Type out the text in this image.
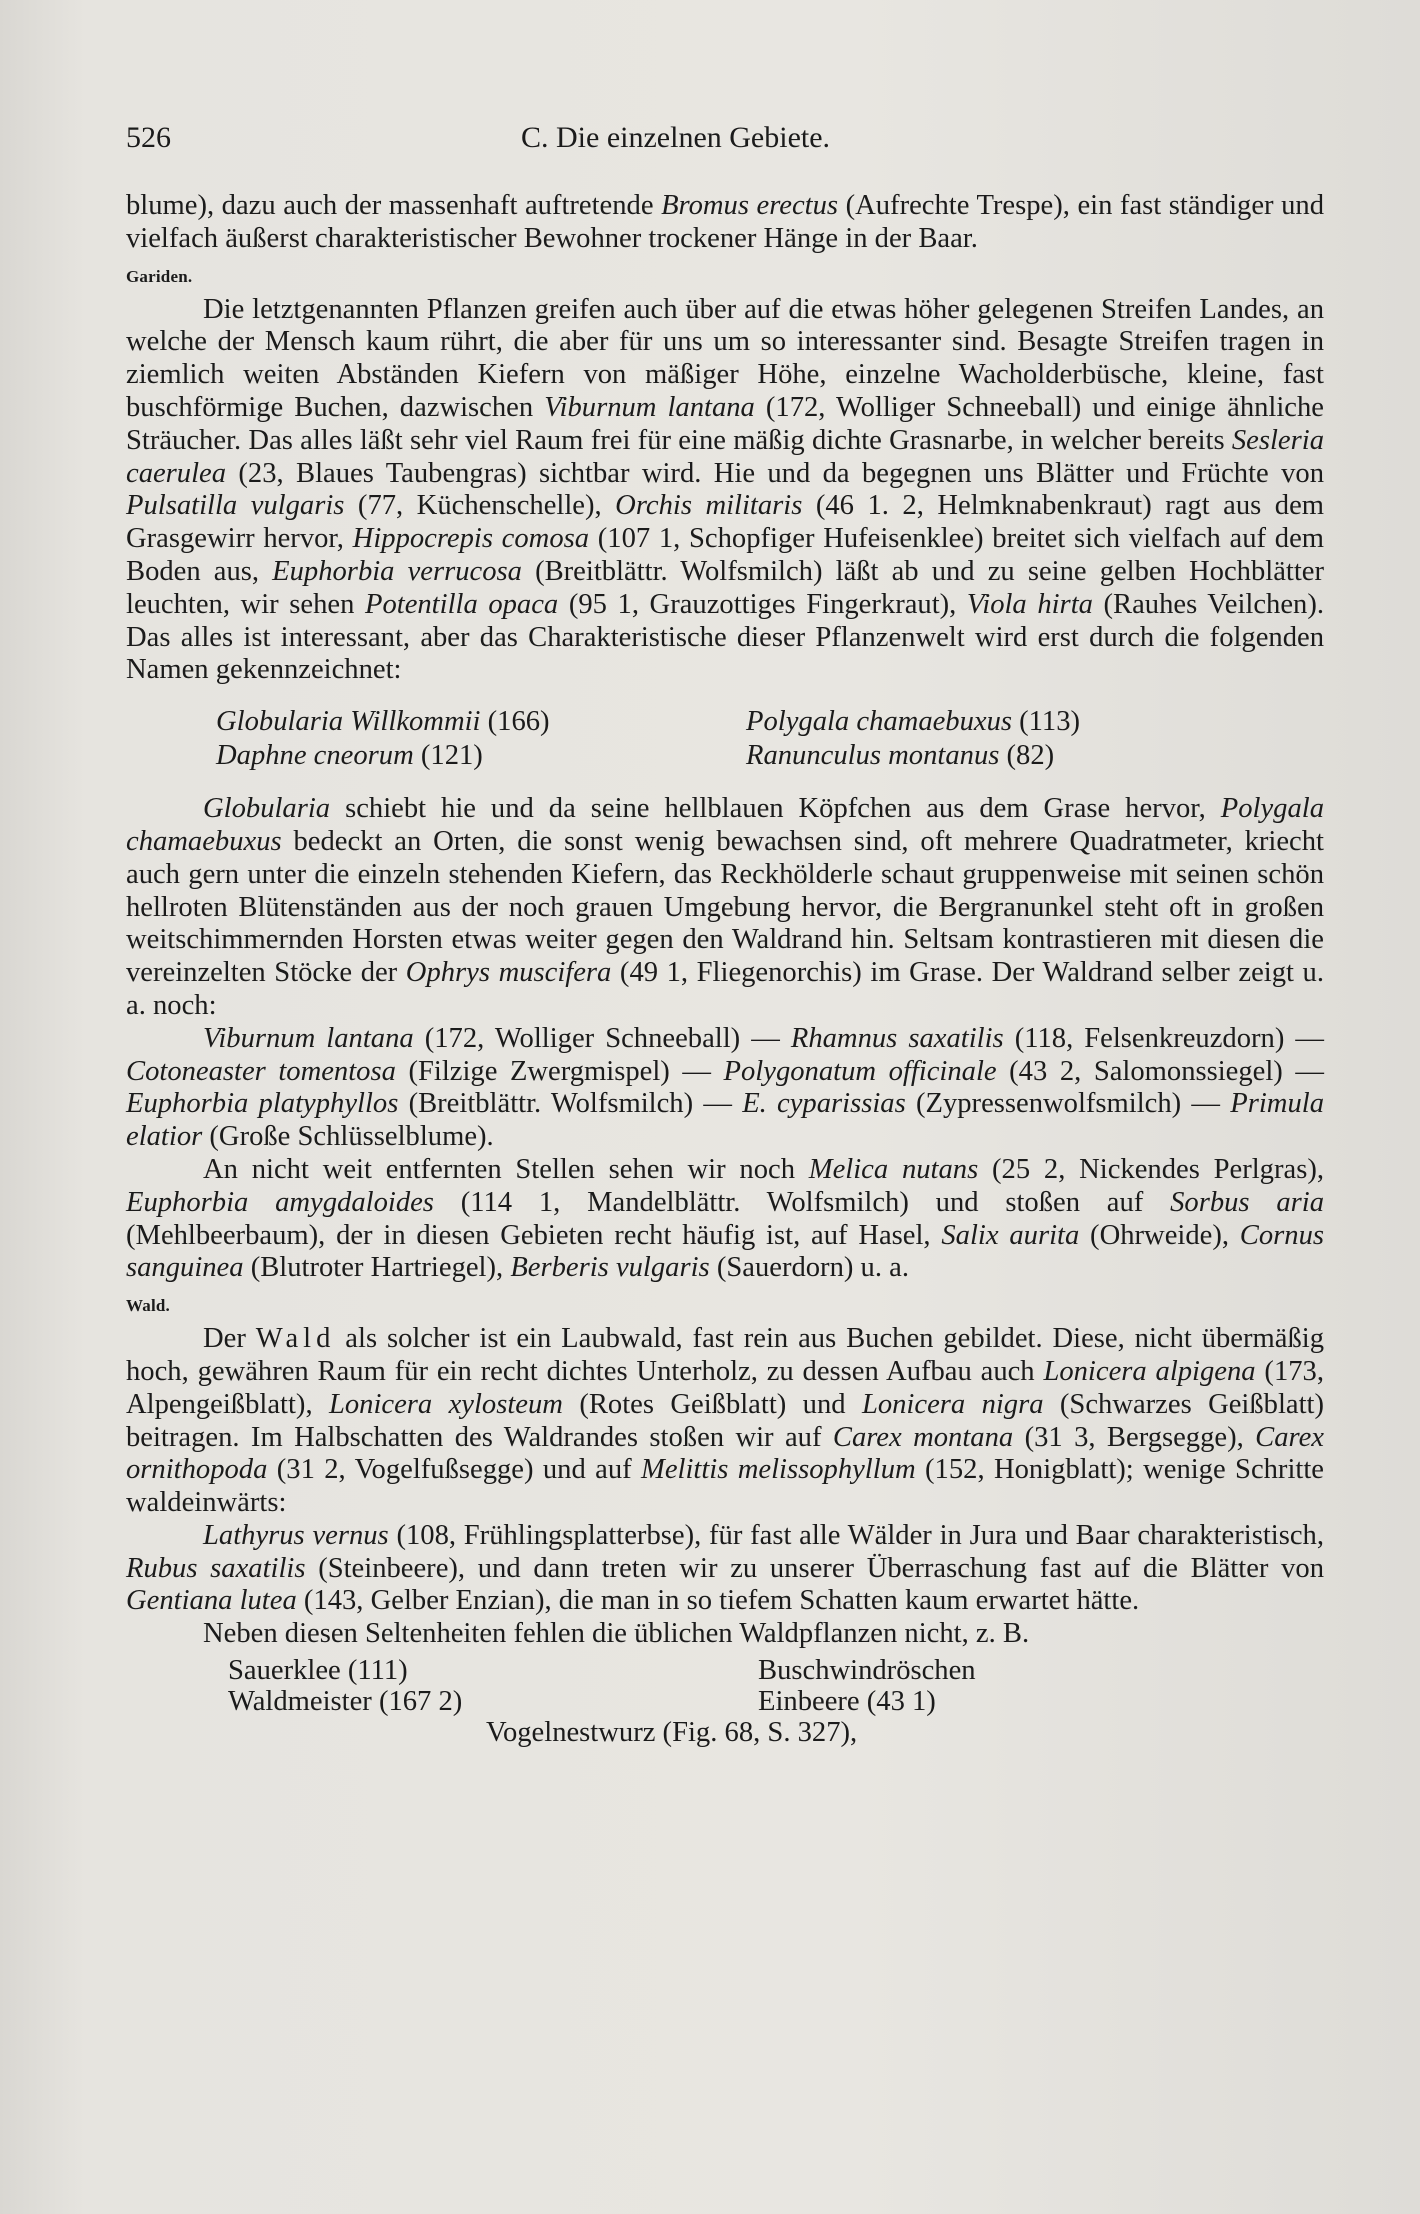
526	C. Die einzelnen Gebiete.

blume), dazu auch der massenhaft auftretende Bromus erectus (Aufrechte Trespe), ein fast ständiger und vielfach äußerst charakteristischer Bewohner trockener Hänge in der Baar.

Gariden.

Die letztgenannten Pflanzen greifen auch über auf die etwas höher gelegenen Streifen Landes, an welche der Mensch kaum rührt, die aber für uns um so interessanter sind. Besagte Streifen tragen in ziemlich weiten Abständen Kiefern von mäßiger Höhe, einzelne Wacholderbüsche, kleine, fast buschförmige Buchen, dazwischen Viburnum lantana (172, Wolliger Schneeball) und einige ähnliche Sträucher. Das alles läßt sehr viel Raum frei für eine mäßig dichte Grasnarbe, in welcher bereits Sesleria caerulea (23, Blaues Taubengras) sichtbar wird. Hie und da begegnen uns Blätter und Früchte von Pulsatilla vulgaris (77, Küchenschelle), Orchis militaris (46 1. 2, Helmknabenkraut) ragt aus dem Grasgewirr hervor, Hippocrepis comosa (107 1, Schopfiger Hufeisenklee) breitet sich vielfach auf dem Boden aus, Euphorbia verrucosa (Breitblättr. Wolfsmilch) läßt ab und zu seine gelben Hochblätter leuchten, wir sehen Potentilla opaca (95 1, Grauzottiges Fingerkraut), Viola hirta (Rauhes Veilchen). Das alles ist interessant, aber das Charakteristische dieser Pflanzenwelt wird erst durch die folgenden Namen gekennzeichnet:

Globularia Willkommii (166)	Polygala chamaebuxus (113)
Daphne cneorum (121)	Ranunculus montanus (82)

Globularia schiebt hie und da seine hellblauen Köpfchen aus dem Grase hervor, Polygala chamaebuxus bedeckt an Orten, die sonst wenig bewachsen sind, oft mehrere Quadratmeter, kriecht auch gern unter die einzeln stehenden Kiefern, das Reckhölderle schaut gruppenweise mit seinen schön hellroten Blütenständen aus der noch grauen Umgebung hervor, die Bergranunkel steht oft in großen weitschimmernden Horsten etwas weiter gegen den Waldrand hin. Seltsam kontrastieren mit diesen die vereinzelten Stöcke der Ophrys muscifera (49 1, Fliegenorchis) im Grase. Der Waldrand selber zeigt u. a. noch:

Viburnum lantana (172, Wolliger Schneeball) — Rhamnus saxatilis (118, Felsenkreuzdorn) — Cotoneaster tomentosa (Filzige Zwergmispel) — Polygonatum officinale (43 2, Salomonssiegel) — Euphorbia platyphyllos (Breitblättr. Wolfsmilch) — E. cyparissias (Zypressenwolfsmilch) — Primula elatior (Große Schlüsselblume).

An nicht weit entfernten Stellen sehen wir noch Melica nutans (25 2, Nickendes Perlgras), Euphorbia amygdaloides (114 1, Mandelblättr. Wolfsmilch) und stoßen auf Sorbus aria (Mehlbeerbaum), der in diesen Gebieten recht häufig ist, auf Hasel, Salix aurita (Ohrweide), Cornus sanguinea (Blutroter Hartriegel), Berberis vulgaris (Sauerdorn) u. a.

Wald.

Der Wald als solcher ist ein Laubwald, fast rein aus Buchen gebildet. Diese, nicht übermäßig hoch, gewähren Raum für ein recht dichtes Unterholz, zu dessen Aufbau auch Lonicera alpigena (173, Alpengeißblatt), Lonicera xylosteum (Rotes Geißblatt) und Lonicera nigra (Schwarzes Geißblatt) beitragen. Im Halbschatten des Waldrandes stoßen wir auf Carex montana (31 3, Bergsegge), Carex ornithopoda (31 2, Vogelfußsegge) und auf Melittis melissophyllum (152, Honigblatt); wenige Schritte waldeinwärts:

Lathyrus vernus (108, Frühlingsplatterbse), für fast alle Wälder in Jura und Baar charakteristisch, Rubus saxatilis (Steinbeere), und dann treten wir zu unserer Überraschung fast auf die Blätter von Gentiana lutea (143, Gelber Enzian), die man in so tiefem Schatten kaum erwartet hätte.

Neben diesen Seltenheiten fehlen die üblichen Waldpflanzen nicht, z. B.

Sauerklee (111)	Buschwindröschen
Waldmeister (167 2)	Einbeere (43 1)
Vogelnestwurz (Fig. 68, S. 327),
